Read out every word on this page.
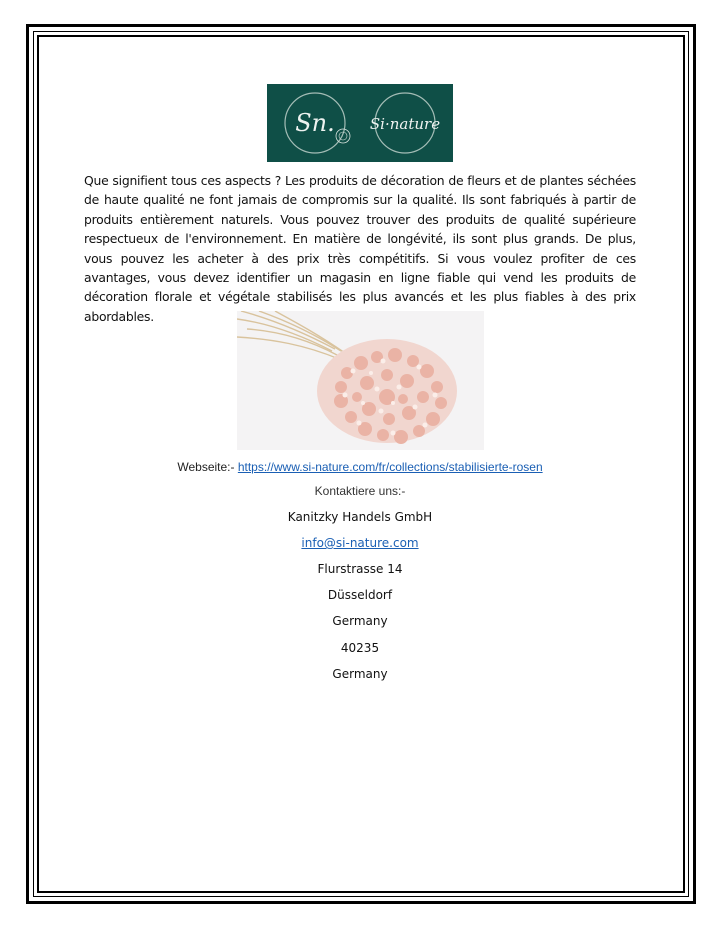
Sn. Si·nature

Que signifient tous ces aspects ? Les produits de décoration de fleurs et de plantes séchées de haute qualité ne font jamais de compromis sur la qualité. Ils sont fabriqués à partir de produits entièrement naturels. Vous pouvez trouver des produits de qualité supérieure respectueux de l'environnement. En matière de longévité, ils sont plus grands. De plus, vous pouvez les acheter à des prix très compétitifs. Si vous voulez profiter de ces avantages, vous devez identifier un magasin en ligne fiable qui vend les produits de décoration florale et végétale stabilisés les plus avancés et les plus fiables à des prix abordables.

Webseite:- https://www.si-nature.com/fr/collections/stabilisierte-rosen
Kontaktiere uns:-
Kanitzky Handels GmbH
info@si-nature.com
Flurstrasse 14
Düsseldorf
Germany
40235
Germany
